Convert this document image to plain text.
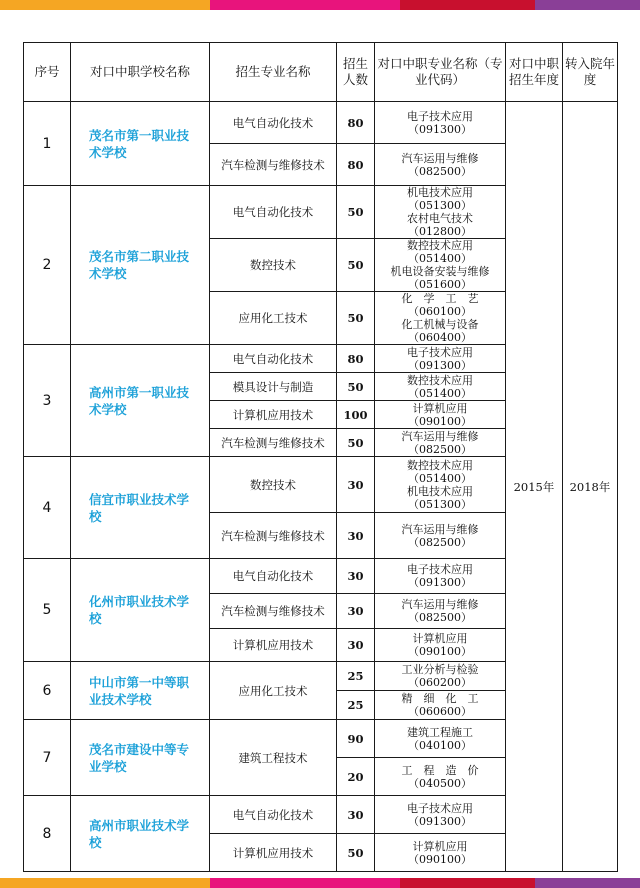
序号	对口中职学校名称	招生专业名称	招生人数	对口中职专业名称（专业代码）	对口中职招生年度	转入院年度
1	茂名市第一职业技术学校	电气自动化技术	80	电子技术应用
（091300）	2015年	2018年
		汽车检测与维修技术	80	汽车运用与维修
（082500）		

2	茂名市第二职业技术学校	电气自动化技术	50	机电技术应用
（051300）
农村电气技术
（012800）		

		数控技术	50	数控技术应用
（051400）
机电设备安装与维修
（051600）		

		应用化工技术	50	化　学　工　艺
（060100）
化工机械与设备
（060400）		

3	高州市第一职业技术学校	电气自动化技术	80	电子技术应用
（091300）		

		模具设计与制造	50	数控技术应用
（051400）		

		计算机应用技术	100	计算机应用
（090100）		

		汽车检测与维修技术	50	汽车运用与维修
（082500）		

4	信宜市职业技术学校	数控技术	30	数控技术应用
（051400）
机电技术应用
（051300）		

		汽车检测与维修技术	30	汽车运用与维修
（082500）		

5	化州市职业技术学校	电气自动化技术	30	电子技术应用
（091300）		

		汽车检测与维修技术	30	汽车运用与维修
（082500）		

		计算机应用技术	30	计算机应用
（090100）		

6	中山市第一中等职业技术学校	应用化工技术	25	工业分析与检验
（060200）		

			25	精　细　化　工
（060600）		

7	茂名市建设中等专业学校	建筑工程技术	90	建筑工程施工
（040100）		

			20	工　程　造　价
（040500）		

8	高州市职业技术学校	电气自动化技术	30	电子技术应用
（091300）		

		计算机应用技术	50	计算机应用
（090100）		
